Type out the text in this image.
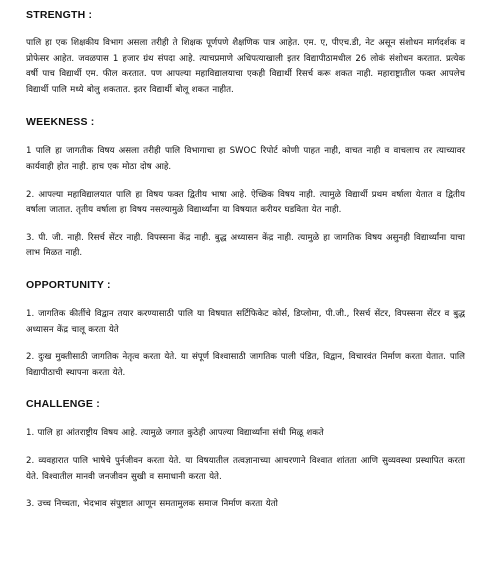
STRENGTH :

पालि हा एक शिक्षकीय विभाग असला तरीही ते शिक्षक पूर्णपणे शैक्षणिक पात्र आहेत. एम. ए, पीएच.डी, नेट असून संशोधन मार्गदर्शक व प्रोफेसर आहेत. जवळपास 1 हजार ग्रंथ संपदा आहे. त्याचप्रमाणे अधिपत्याखाली इतर विद्यापीठामधील 26 लोकं संशोधन करतात. प्रत्येक वर्षी पाच विद्यार्थी एम. फील करतात. पण आपल्या महाविद्यालयाचा एकही विद्यार्थी रिसर्च करू शकत नाही. महाराष्ट्रातील फक्त आपलेच विद्यार्थी पालि मध्ये बोलु शकतात. इतर विद्यार्थी बोलू शकत नाहीत.

WEEKNESS :

1 पालि हा जागतीक विषय असला तरीही पालि विभागाचा हा SWOC रिपोर्ट कोणी पाहत नाही, वाचत नाही व वाचलाच तर त्याच्यावर कार्यवाही होत नाही. हाच एक मोठा दोष आहे.

2. आपल्या महाविद्यालयात पालि हा विषय फक्त द्वितीय भाषा आहे. ऐच्छिक विषय नाही. त्यामुळे विद्यार्थी प्रथम वर्षाला येतात व द्वितीय वर्षाला जातात. तृतीय वर्षाला हा विषय नसल्यामुळे विद्यार्थ्यांना या विषयात करीयर घडविता येत नाही.

3. पी. जी. नाही. रिसर्च सेंटर नाही. विपस्सना केंद्र नाही. बुद्ध अध्यासन केंद्र नाही. त्यामुळे हा जागतिक विषय असुनही विद्यार्थ्यांना याचा लाभ मिळत नाही.

OPPORTUNITY :

1. जागतिक कीर्तीचे विद्वान तयार करण्यासाठी पालि या विषयात सर्टिफिकेट कोर्स, डिप्लोमा, पी.जी., रिसर्च सेंटर, विपस्सना सेंटर व बुद्ध अध्यासन केंद्र चालू करता येते

2. दुःख मुक्तीसाठी जागतिक नेतृत्व करता येते. या संपूर्ण विश्वासाठी जागतिक पाली पंडित, विद्वान, विचारवंत निर्माण करता येतात. पालि विद्यापीठाची स्थापना करता येते.

CHALLENGE :

1. पालि हा आंतराष्ट्रीय विषय आहे. त्यामुळे जगात कुठेही आपल्या विद्यार्थ्यांना संधी मिळू शकते

2. व्यवहारात पालि भाषेचे पुर्नजीवन करता येते. या विषयातील तत्वज्ञानाच्या आचरणाने विश्वात शांतता आणि सुव्यवस्था प्रस्थापित करता येते. विश्वातील मानवी जनजीवन सुखी व समाधानी करता येते.

3. उच्च निच्चता, भेदभाव संपुष्टात आणून समतामुलक समाज निर्माण करता येतो
